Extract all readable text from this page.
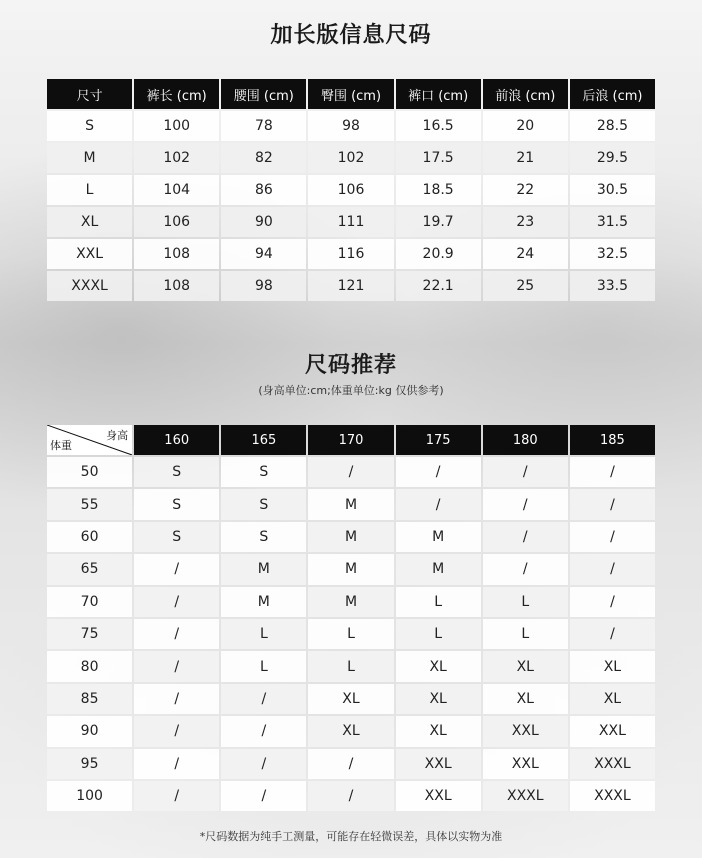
加长版信息尺码
尺寸	裤长 (cm)	腰围 (cm)	臀围 (cm)	裤口 (cm)	前浪 (cm)	后浪 (cm)
S	100	78	98	16.5	20	28.5
M	102	82	102	17.5	21	29.5
L	104	86	106	18.5	22	30.5
XL	106	90	111	19.7	23	31.5
XXL	108	94	116	20.9	24	32.5
XXXL	108	98	121	22.1	25	33.5
尺码推荐
(身高单位:cm;体重单位:kg 仅供参考)
身高
体重	160	165	170	175	180	185
50	S	S	/	/	/	/
55	S	S	M	/	/	/
60	S	S	M	M	/	/
65	/	M	M	M	/	/
70	/	M	M	L	L	/
75	/	L	L	L	L	/
80	/	L	L	XL	XL	XL
85	/	/	XL	XL	XL	XL
90	/	/	XL	XL	XXL	XXL
95	/	/	/	XXL	XXL	XXXL
100	/	/	/	XXL	XXXL	XXXL
*尺码数据为纯手工测量，可能存在轻微误差，具体以实物为准
